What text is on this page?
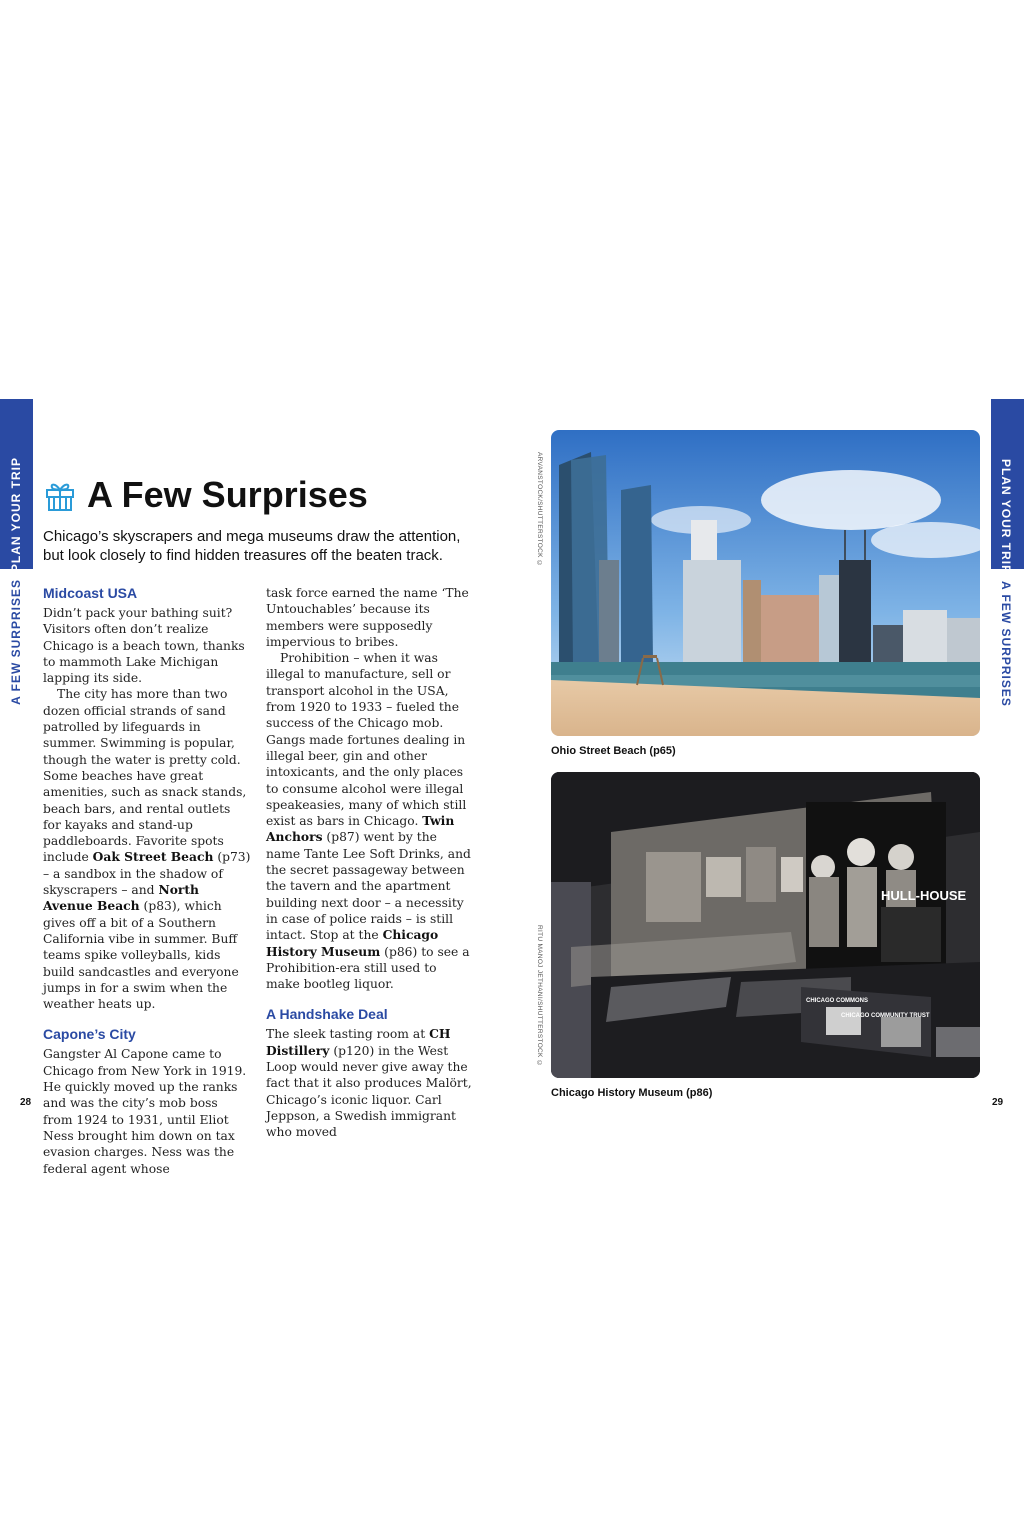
PLAN YOUR TRIP
A FEW SURPRISES
PLAN YOUR TRIP
A FEW SURPRISES
A Few Surprises
Chicago’s skyscrapers and mega museums draw the attention, but look closely to find hidden treasures off the beaten track.
Midcoast USA

Didn’t pack your bathing suit? Visitors often don’t realize Chicago is a beach town, thanks to mammoth Lake Michigan lapping its side.

The city has more than two dozen official strands of sand patrolled by lifeguards in summer. Swimming is popular, though the water is pretty cold. Some beaches have great amenities, such as snack stands, beach bars, and rental outlets for kayaks and stand-up paddleboards. Favorite spots include Oak Street Beach (p73) – a sandbox in the shadow of skyscrapers – and North Avenue Beach (p83), which gives off a bit of a Southern California vibe in summer. Buff teams spike volleyballs, kids build sandcastles and everyone jumps in for a swim when the weather heats up.

Capone’s City

Gangster Al Capone came to Chicago from New York in 1919. He quickly moved up the ranks and was the city’s mob boss from 1924 to 1931, until Eliot Ness brought him down on tax evasion charges. Ness was the federal agent whose

task force earned the name ‘The Untouchables’ because its members were supposedly impervious to bribes.

Prohibition – when it was illegal to manufacture, sell or transport alcohol in the USA, from 1920 to 1933 – fueled the success of the Chicago mob. Gangs made fortunes dealing in illegal beer, gin and other intoxicants, and the only places to consume alcohol were illegal speakeasies, many of which still exist as bars in Chicago. Twin Anchors (p87) went by the name Tante Lee Soft Drinks, and the secret passageway between the tavern and the apartment building next door – a necessity in case of police raids – is still intact. Stop at the Chicago History Museum (p86) to see a Prohibition-era still used to make bootleg liquor.

A Handshake Deal

The sleek tasting room at CH Distillery (p120) in the West Loop would never give away the fact that it also produces Malört, Chicago’s iconic liquor. Carl Jeppson, a Swedish immigrant who moved

ARVANSTOCK/SHUTTERSTOCK ©
Ohio Street Beach (p65)
RITU MANOJ JETHANI/SHUTTERSTOCK ©
HULL-HOUSE
CHICAGO COMMONS
CHICAGO COMMUNITY TRUST
Chicago History Museum (p86)
28	29
